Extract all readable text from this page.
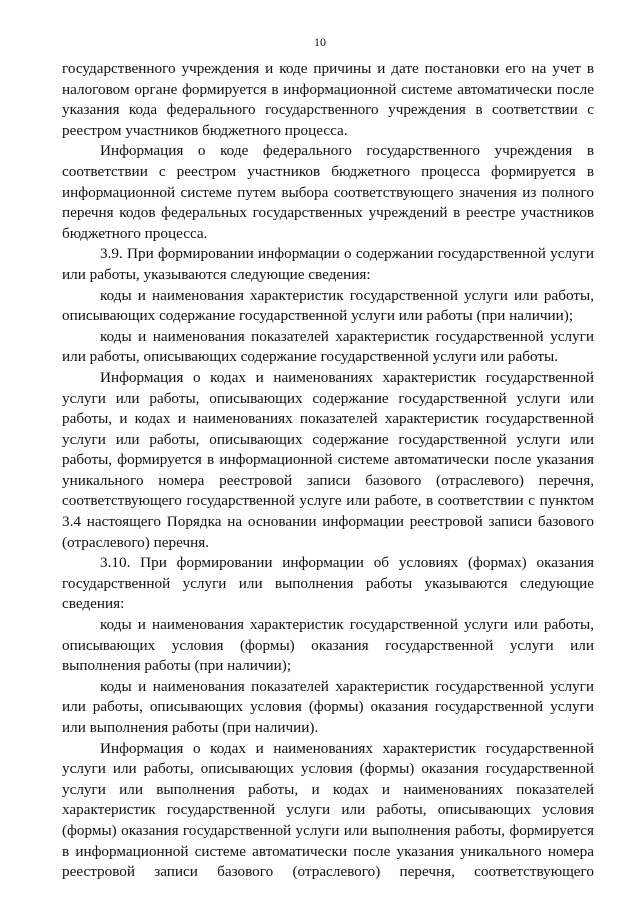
10

государственного учреждения и коде причины и дате постановки его на учет в налоговом органе формируется в информационной системе автоматически после указания кода федерального государственного учреждения в соответствии с реестром участников бюджетного процесса.

Информация о коде федерального государственного учреждения в соответствии с реестром участников бюджетного процесса формируется в информационной системе путем выбора соответствующего значения из полного перечня кодов федеральных государственных учреждений в реестре участников бюджетного процесса.

3.9. При формировании информации о содержании государственной услуги или работы, указываются следующие сведения:

коды и наименования характеристик государственной услуги или работы, описывающих содержание государственной услуги или работы (при наличии);

коды и наименования показателей характеристик государственной услуги или работы, описывающих содержание государственной услуги или работы.

Информация о кодах и наименованиях характеристик государственной услуги или работы, описывающих содержание государственной услуги или работы, и кодах и наименованиях показателей характеристик государственной услуги или работы, описывающих содержание государственной услуги или работы, формируется в информационной системе автоматически после указания уникального номера реестровой записи базового (отраслевого) перечня, соответствующего государственной услуге или работе, в соответствии с пунктом 3.4 настоящего Порядка на основании информации реестровой записи базового (отраслевого) перечня.

3.10. При формировании информации об условиях (формах) оказания государственной услуги или выполнения работы указываются следующие сведения:

коды и наименования характеристик государственной услуги или работы, описывающих условия (формы) оказания государственной услуги или выполнения работы (при наличии);

коды и наименования показателей характеристик государственной услуги или работы, описывающих условия (формы) оказания государственной услуги или выполнения работы (при наличии).

Информация о кодах и наименованиях характеристик государственной услуги или работы, описывающих условия (формы) оказания государственной услуги или выполнения работы, и кодах и наименованиях показателей характеристик государственной услуги или работы, описывающих условия (формы) оказания государственной услуги или выполнения работы, формируется в информационной системе автоматически после указания уникального номера реестровой записи базового (отраслевого) перечня, соответствующего
